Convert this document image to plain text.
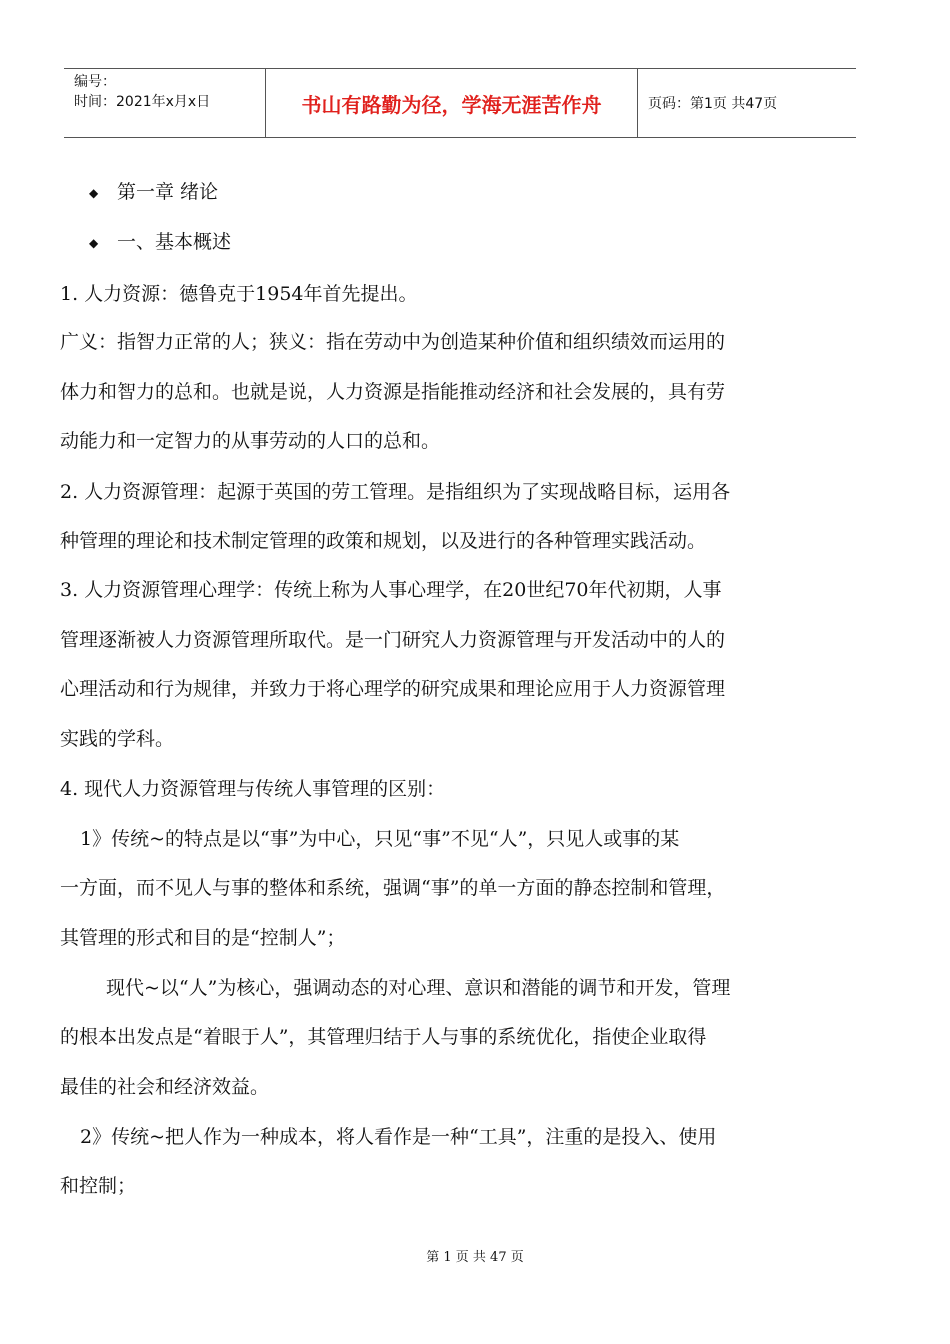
编号：
时间：2021年x月x日	书山有路勤为径，学海无涯苦作舟	页码：第1页 共47页
◆ 第一章 绪论
◆ 一、基本概述
1. 人力资源：德鲁克于1954年首先提出。
广义：指智力正常的人；狭义：指在劳动中为创造某种价值和组织绩效而运用的
体力和智力的总和。也就是说，人力资源是指能推动经济和社会发展的，具有劳
动能力和一定智力的从事劳动的人口的总和。
2. 人力资源管理：起源于英国的劳工管理。是指组织为了实现战略目标，运用各
种管理的理论和技术制定管理的政策和规划，以及进行的各种管理实践活动。
3. 人力资源管理心理学：传统上称为人事心理学，在20世纪70年代初期，人事
管理逐渐被人力资源管理所取代。是一门研究人力资源管理与开发活动中的人的
心理活动和行为规律，并致力于将心理学的研究成果和理论应用于人力资源管理
实践的学科。
4. 现代人力资源管理与传统人事管理的区别：
1》传统~的特点是以“事”为中心，只见“事”不见“人”，只见人或事的某
一方面，而不见人与事的整体和系统，强调“事”的单一方面的静态控制和管理，
其管理的形式和目的是“控制人”；
现代~以“人”为核心，强调动态的对心理、意识和潜能的调节和开发，管理
的根本出发点是“着眼于人”，其管理归结于人与事的系统优化，指使企业取得
最佳的社会和经济效益。
2》传统~把人作为一种成本，将人看作是一种“工具”，注重的是投入、使用
和控制；
第 1 页 共 47 页
